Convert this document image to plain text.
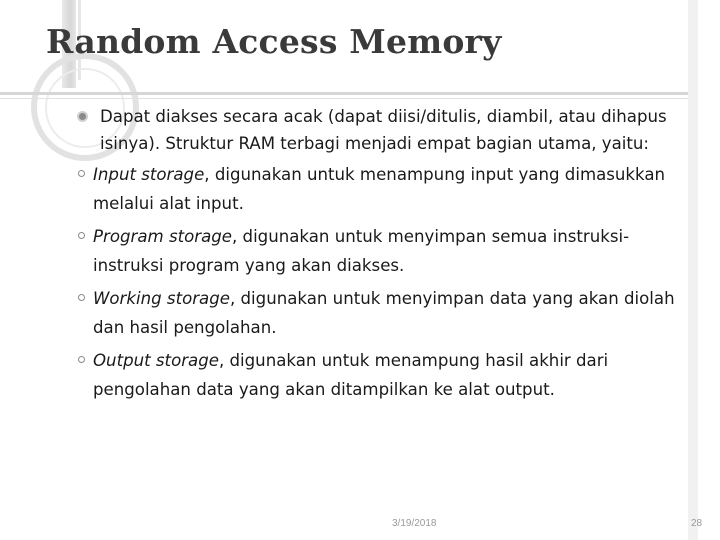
Random Access Memory
Dapat diakses secara acak (dapat diisi/ditulis, diambil, atau dihapus isinya). Struktur RAM terbagi menjadi empat bagian utama, yaitu:
Input storage, digunakan untuk menampung input yang dimasukkan melalui alat input.
Program storage, digunakan untuk menyimpan semua instruksi-instruksi program yang akan diakses.
Working storage, digunakan untuk menyimpan data yang akan diolah dan hasil pengolahan.
Output storage, digunakan untuk menampung hasil akhir dari pengolahan data yang akan ditampilkan ke alat output.
3/19/2018	28
